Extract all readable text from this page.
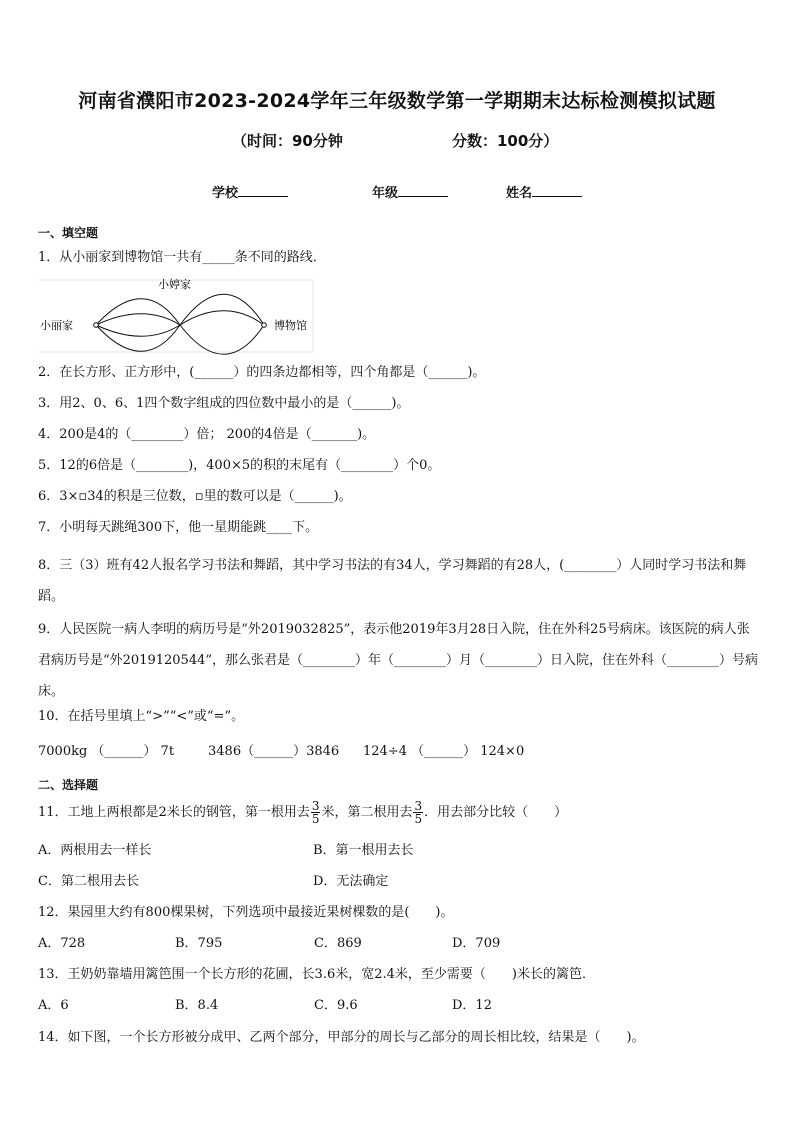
河南省濮阳市2023-2024学年三年级数学第一学期期末达标检测模拟试题
（时间：90分钟	分数：100分）
学校	年级	姓名
一、填空题
1．从小丽家到博物馆一共有_____条不同的路线．
小丽家
小婷家
博物馆
2．在长方形、正方形中，(______）的四条边都相等，四个角都是（______)。
3．用2、0、6、1四个数字组成的四位数中最小的是（______)。
4．200是4的（________）倍； 200的4倍是（_______)。
5．12的6倍是（________)，400×5的积的末尾有（________）个0。
6．3×▫34的积是三位数，▫里的数可以是（______)。
7．小明每天跳绳300下，他一星期能跳____下。
8．三（3）班有42人报名学习书法和舞蹈，其中学习书法的有34人，学习舞蹈的有28人，(________）人同时学习书法和舞蹈。
9．人民医院一病人李明的病历号是“外2019032825”，表示他2019年3月28日入院，住在外科25号病床。该医院的病人张君病历号是“外2019120544”，那么张君是（________）年（________）月（________）日入院，住在外科（________）号病床。
10．在括号里填上“>”“<”或“=”。
7000kg （______） 7t	3486（______）3846 124÷4 （______） 124×0
二、选择题
11．工地上两根都是2米长的钢管，第一根用去 $\frac{3}{5}$ 米，第二根用去 $\frac{3}{5}$ ．用去部分比较（　　）
A．两根用去一样长	B．第一根用去长
C．第二根用去长	D．无法确定
12．果园里大约有800棵果树，下列选项中最接近果树棵数的是(　　)。
A．728	B．795	C．869	D．709
13．王奶奶靠墙用篱笆围一个长方形的花圃，长3.6米，宽2.4米，至少需要（　　)米长的篱笆．
A．6	B．8.4	C．9.6	D．12
14．如下图，一个长方形被分成甲、乙两个部分，甲部分的周长与乙部分的周长相比较，结果是（　　)。
